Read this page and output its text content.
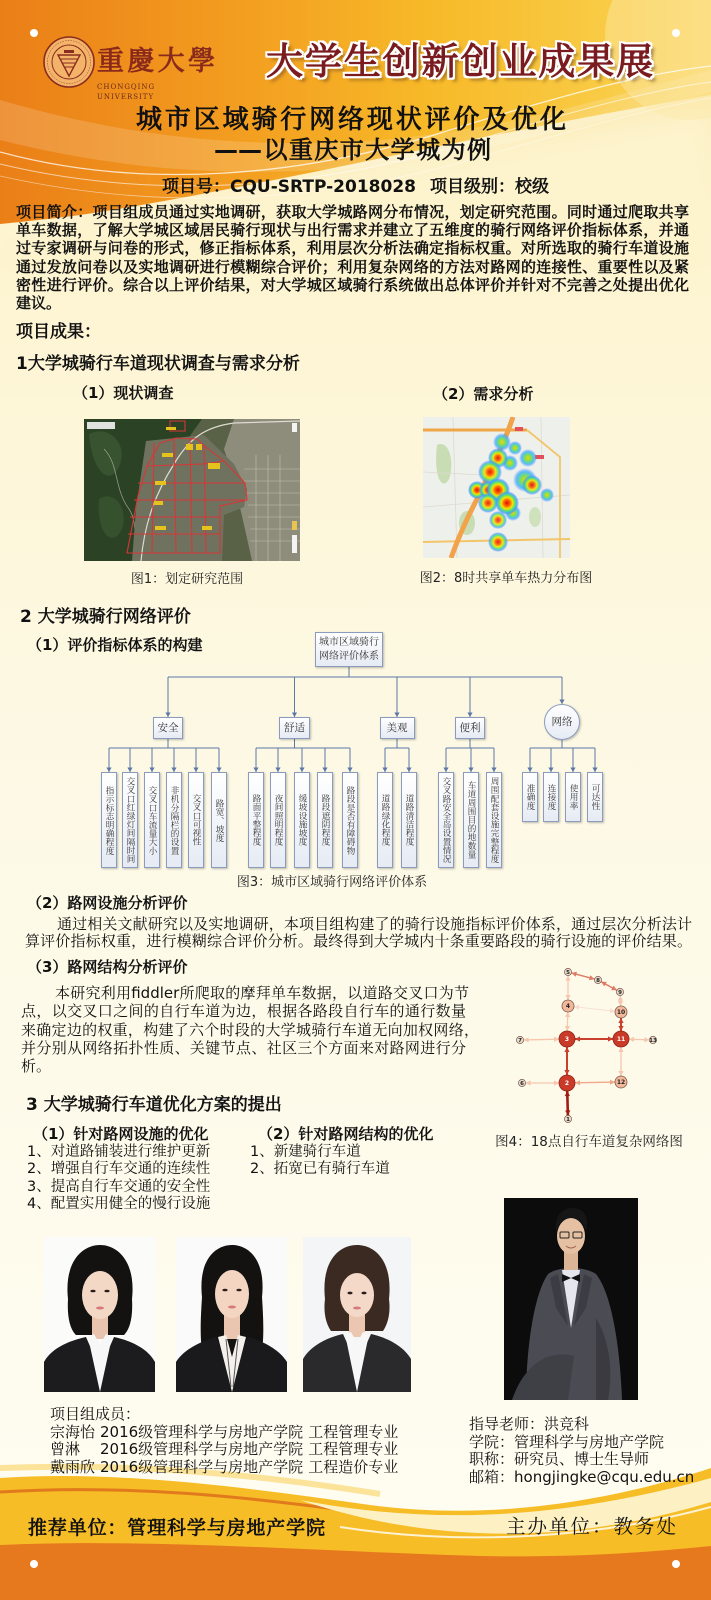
重慶大學
CHONGQING UNIVERSITY
大学生创新创业成果展
城市区域骑行网络现状评价及优化
——以重庆市大学城为例
项目号：CQU-SRTP-2018028 项目级别：校级
项目简介：项目组成员通过实地调研，获取大学城路网分布情况，划定研究范围。同时通过爬取共享
单车数据，了解大学城区域居民骑行现状与出行需求并建立了五维度的骑行网络评价指标体系，并通
过专家调研与问卷的形式，修正指标体系，利用层次分析法确定指标权重。对所选取的骑行车道设施
通过发放问卷以及实地调研进行模糊综合评价；利用复杂网络的方法对路网的连接性、重要性以及紧
密性进行评价。综合以上评价结果，对大学城区域骑行系统做出总体评价并针对不完善之处提出优化
建议。
项目成果：
1大学城骑行车道现状调查与需求分析
（1）现状调查	（2）需求分析
图1：划定研究范围	图2：8时共享单车热力分布图
2 大学城骑行网络评价
（1）评价指标体系的构建	城市区域骑行
网络评价体系
安全
指示标志明确程度	交叉口红绿灯间隔时间	交叉口车流量大小	非机分隔栏的设置	交叉口可视性	路宽、坡度
舒适
路面平整程度	夜间照明程度	缓坡设施坡度	路段遮阴程度	路段是否有障碍物
美观
道路绿化程度	道路清洁程度
便利
交叉路安全岛设置情况	车道周围目的地数量	周围配套设施完整程度
网络
准确度	连接度	使用率	可达性
图3：城市区域骑行网络评价体系
（2）路网设施分析评价
通过相关文献研究以及实地调研，本项目组构建了的骑行设施指标评价体系，通过层次分析法计
算评价指标权重，进行模糊综合评价分析。最终得到大学城内十条重要路段的骑行设施的评价结果。
（3）路网结构分析评价
本研究利用fiddler所爬取的摩拜单车数据，以道路交叉口为节
点，以交叉口之间的自行车道为边，根据各路段自行车的通行数量
来确定边的权重，构建了六个时段的大学城骑行车道无向加权网络，
并分别从网络拓扑性质、关键节点、社区三个方面来对路网进行分
析。
1
2
3
4
5
6
7
8
9
10
11
12
13
图4：18点自行车道复杂网络图
3 大学城骑行车道优化方案的提出
（1）针对路网设施的优化	（2）针对路网结构的优化
1、对道路铺装进行维护更新
2、增强自行车交通的连续性
3、提高自行车交通的安全性
4、配置实用健全的慢行设施
1、新建骑行车道
2、拓宽已有骑行车道
项目组成员：
宗海怡 2016级管理科学与房地产学院 工程管理专业
曾淋 2016级管理科学与房地产学院 工程管理专业
戴雨欣 2016级管理科学与房地产学院 工程造价专业
指导老师：洪竞科
学院：管理科学与房地产学院
职称：研究员、博士生导师
邮箱：hongjingke@cqu.edu.cn
推荐单位：管理科学与房地产学院	主办单位：教务处
